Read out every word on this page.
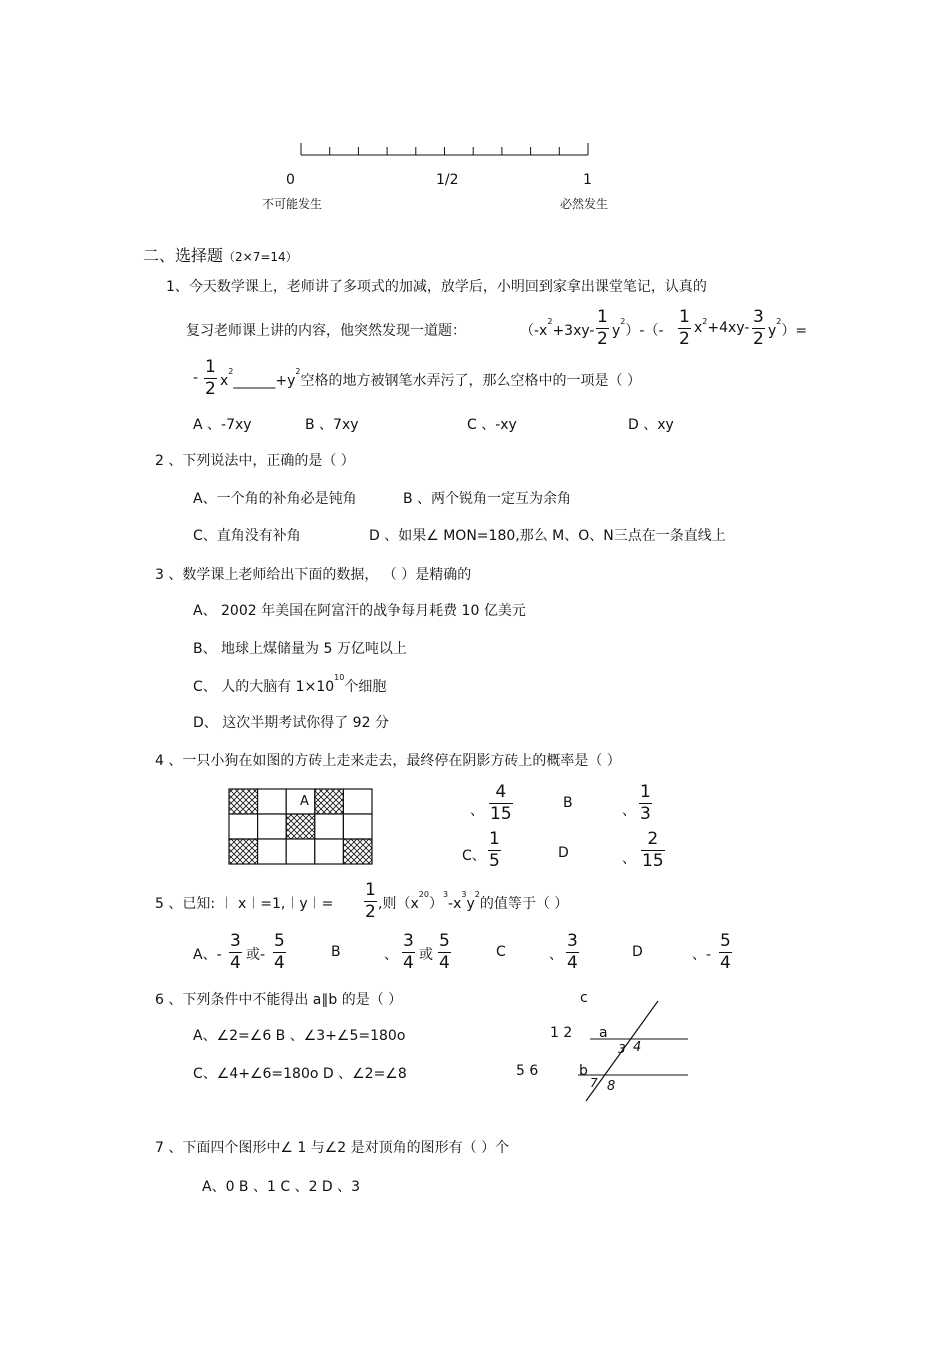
0	1/2	1
不可能发生	必然发生
二、选择题（2×7=14）
1、今天数学课上，老师讲了多项式的加减，放学后，小明回到家拿出课堂笔记，认真的
复习老师课上讲的内容，他突然发现一道题：	$(-x^2+3xy- \frac{1}{2} y^2)-(- \frac{1}{2} x^2+4xy- \frac{3}{2} y^2)=$
- $\frac{1}{2}$ $x^2\_\_\_\_\_\_+y^2$空格的地方被钢笔水弄污了，那么空格中的一项是（ ）
A 、-7xy	B 、7xy	C 、-xy	D 、xy
2 、下列说法中，正确的是（ ）
A、一个角的补角必是钝角	B 、两个锐角一定互为余角
C、直角没有补角	D 、如果∠ MON=180,那么 M、O、N三点在一条直线上
3 、数学课上老师给出下面的数据， （ ）是精确的
A、 2002 年美国在阿富汗的战争每月耗费 10 亿美元
B、 地球上煤储量为 5 万亿吨以上
C、 人的大脑有 $1\times 10^{10}$个细胞
D、 这次半期考试你得了 92 分
4 、一只小狗在如图的方砖上走来走去，最终停在阴影方砖上的概率是（ ）
A
、 $\frac{4}{15}$	B	、 $\frac{1}{3}$
C、 $\frac{1}{5}$	D	、 $\frac{2}{15}$
5 、已知: ︱ x︱=1,︱y︱= $\frac{1}{2}$ ,则$(x^{20})^3-x^3y^2$的值等于（ ）
A、- $\frac{3}{4}$ 或- $\frac{5}{4}$	B	、 $\frac{3}{4}$ 或 $\frac{5}{4}$	C	、 $\frac{3}{4}$	D	、- $\frac{5}{4}$
6 、下列条件中不能得出 a∥b 的是（ ）
A、∠2=∠6 B 、∠3+∠5=180o
C、∠4+∠6=180o D 、∠2=∠8
c
1 2 a
5 6	b
3 4
7 8
7 、下面四个图形中∠ 1 与∠2 是对顶角的图形有（ ）个
A、0 B 、1 C 、2 D 、3
